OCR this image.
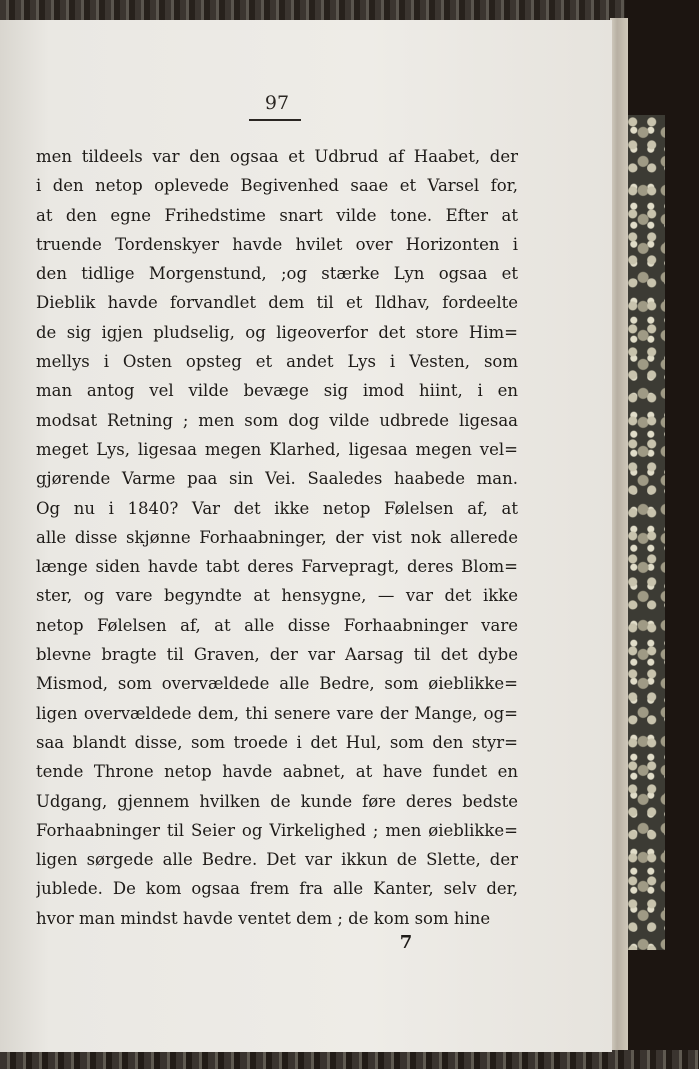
97
men tildeels var den ogsaa et Udbrud af Haabet, der
i den netop oplevede Begivenhed saae et Varsel for,
at den egne Frihedstime snart vilde tone. Efter at
truende Tordenskyer havde hvilet over Horizonten i
den tidlige Morgenstund, ;og stærke Lyn ogsaa et
Dieblik havde forvandlet dem til et Ildhav, fordeelte
de sig igjen pludselig, og ligeoverfor det store Him=
mellys i Osten opsteg et andet Lys i Vesten, som
man antog vel vilde bevæge sig imod hiint, i en
modsat Retning ; men som dog vilde udbrede ligesaa
meget Lys, ligesaa megen Klarhed, ligesaa megen vel=
gjørende Varme paa sin Vei. Saaledes haabede man.
Og nu i 1840? Var det ikke netop Følelsen af, at
alle disse skjønne Forhaabninger, der vist nok allerede
længe siden havde tabt deres Farvepragt, deres Blom=
ster, og vare begyndte at hensygne, — var det ikke
netop Følelsen af, at alle disse Forhaabninger vare
blevne bragte til Graven, der var Aarsag til det dybe
Mismod, som overvældede alle Bedre, som øieblikke=
ligen overvældede dem, thi senere vare der Mange, og=
saa blandt disse, som troede i det Hul, som den styr=
tende Throne netop havde aabnet, at have fundet en
Udgang, gjennem hvilken de kunde føre deres bedste
Forhaabninger til Seier og Virkelighed ; men øieblikke=
ligen sørgede alle Bedre. Det var ikkun de Slette, der
jublede. De kom ogsaa frem fra alle Kanter, selv der,
hvor man mindst havde ventet dem ; de kom som hine
7
